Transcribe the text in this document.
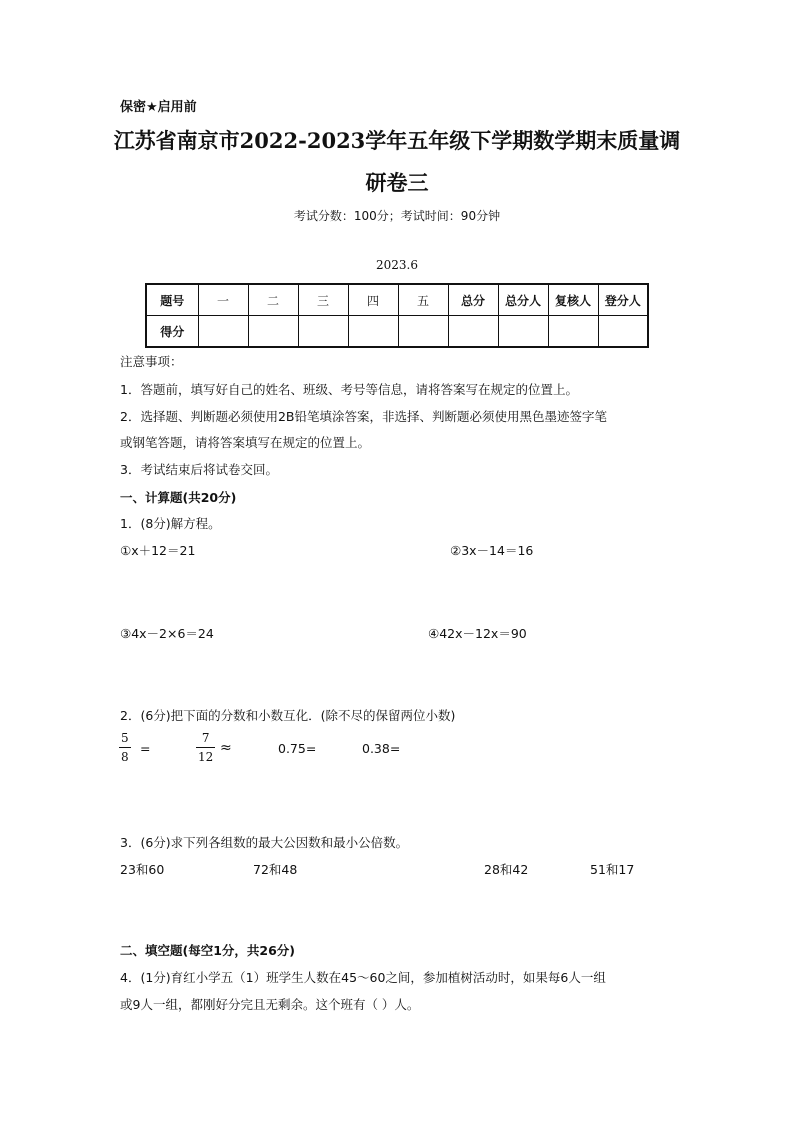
保密★启用前
江苏省南京市2022-2023学年五年级下学期数学期末质量调
研卷三
考试分数：100分；考试时间：90分钟
2023.6
题号	一	二	三	四	五	总分	总分人	复核人	登分人
得分									
注意事项：
1．答题前，填写好自己的姓名、班级、考号等信息，请将答案写在规定的位置上。
2．选择题、判断题必须使用2B铅笔填涂答案，非选择、判断题必须使用黑色墨迹签字笔
或钢笔答题，请将答案填写在规定的位置上。
3．考试结束后将试卷交回。
一、计算题(共20分)
1．(8分)解方程。
①x＋12＝21	②3x－14＝16
③4x－2×6＝24	④42x－12x＝90
2．(6分)把下面的分数和小数互化．(除不尽的保留两位小数)
5
8
=
7
12
≈	0.75=	0.38=
3．(6分)求下列各组数的最大公因数和最小公倍数。
23和60	72和48	28和42	51和17
二、填空题(每空1分，共26分)
4．(1分)育红小学五（1）班学生人数在45～60之间，参加植树活动时，如果每6人一组
或9人一组，都刚好分完且无剩余。这个班有（ ）人。
